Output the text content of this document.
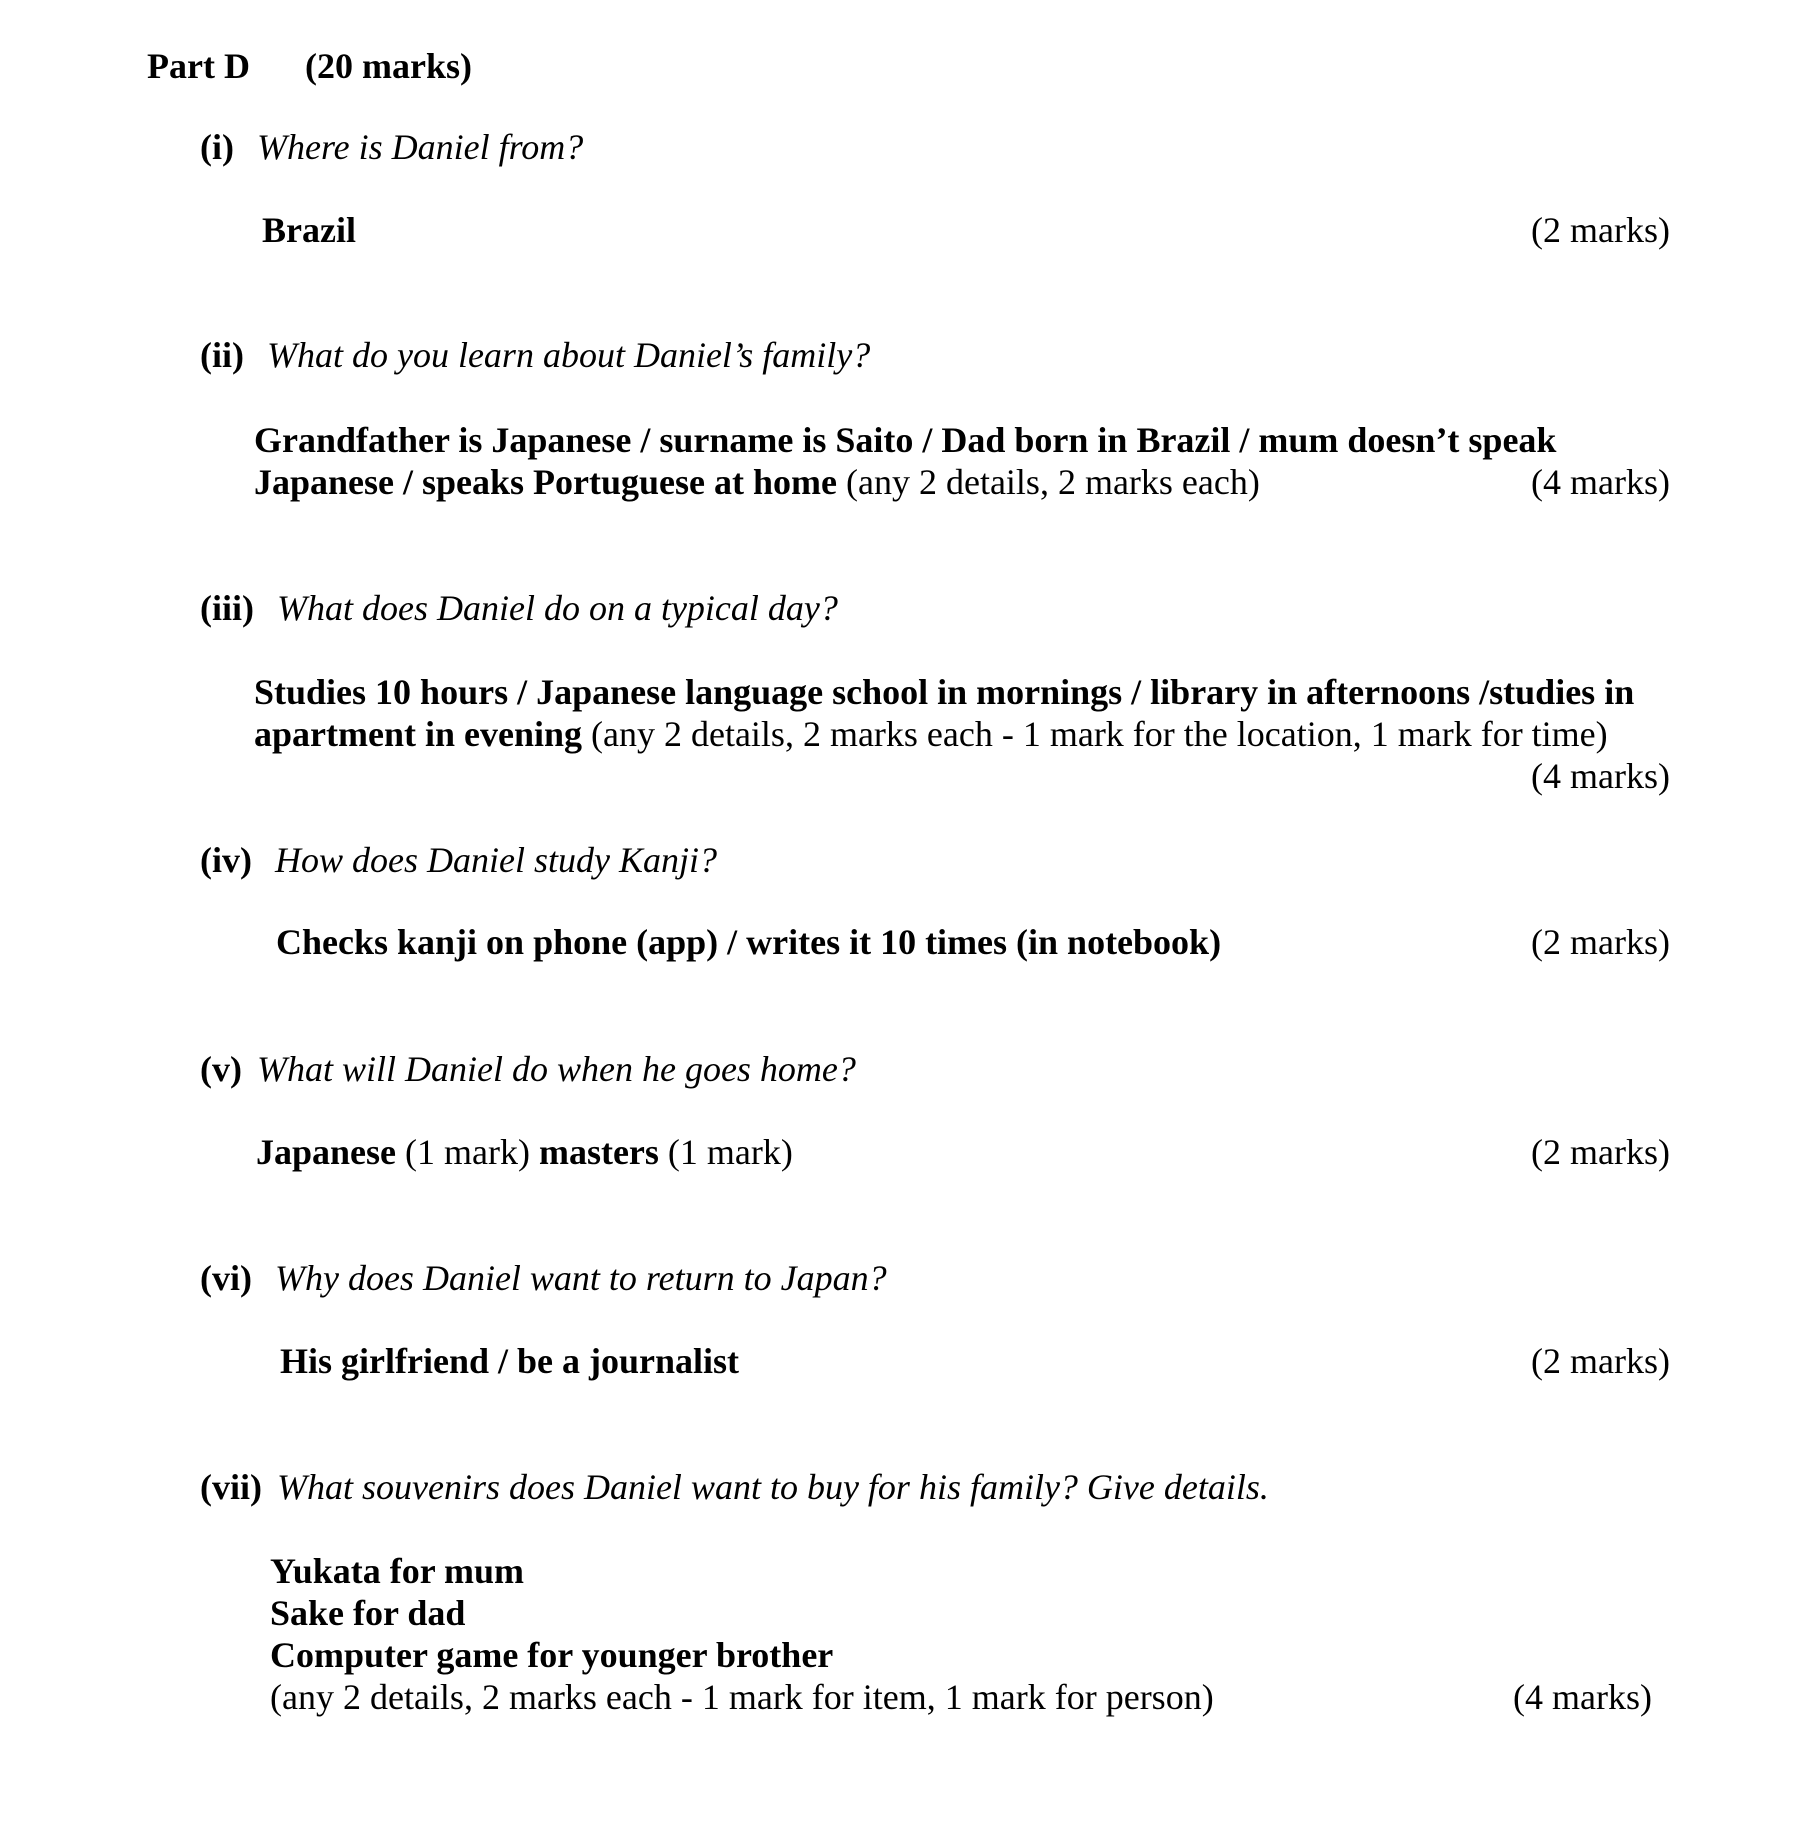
Part D (20 marks)
(i) Where is Daniel from?
Brazil	(2 marks)
(ii) What do you learn about Daniel’s family?
Grandfather is Japanese / surname is Saito / Dad born in Brazil / mum doesn’t speak
Japanese / speaks Portuguese at home (any 2 details, 2 marks each)	(4 marks)
(iii) What does Daniel do on a typical day?
Studies 10 hours / Japanese language school in mornings / library in afternoons /studies in
apartment in evening (any 2 details, 2 marks each - 1 mark for the location, 1 mark for time)
(4 marks)
(iv) How does Daniel study Kanji?
Checks kanji on phone (app) / writes it 10 times (in notebook)	(2 marks)
(v) What will Daniel do when he goes home?
Japanese (1 mark) masters (1 mark)	(2 marks)
(vi) Why does Daniel want to return to Japan?
His girlfriend / be a journalist	(2 marks)
(vii) What souvenirs does Daniel want to buy for his family? Give details.
Yukata for mum
Sake for dad
Computer game for younger brother
(any 2 details, 2 marks each - 1 mark for item, 1 mark for person)	(4 marks)
